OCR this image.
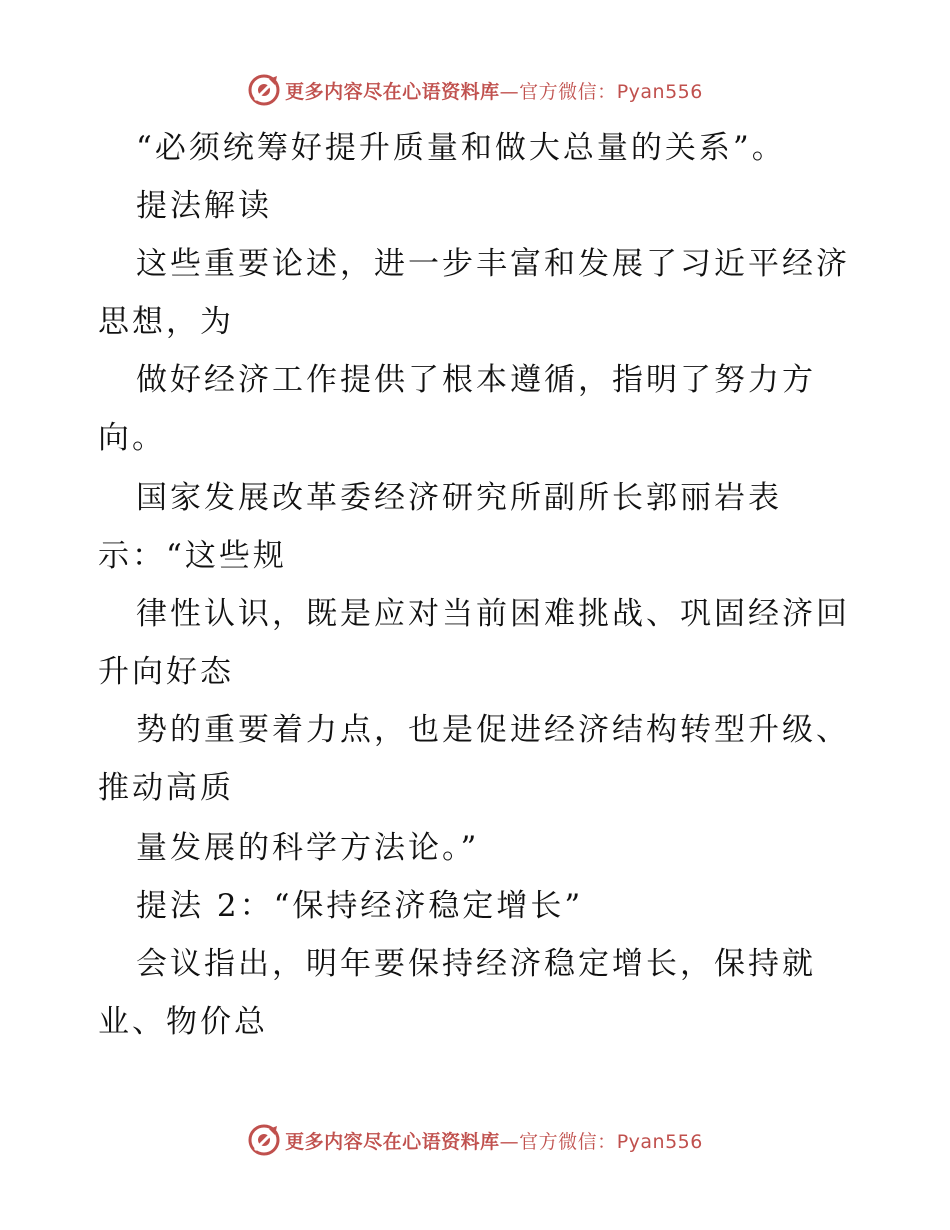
更多内容尽在心语资料库—官方微信：Pyan556
“必须统筹好提升质量和做大总量的关系”。
提法解读
这些重要论述，进一步丰富和发展了习近平经济
思想，为
做好经济工作提供了根本遵循，指明了努力方
向。
国家发展改革委经济研究所副所长郭丽岩表
示：“这些规
律性认识，既是应对当前困难挑战、巩固经济回
升向好态
势的重要着力点，也是促进经济结构转型升级、
推动高质
量发展的科学方法论。”
提法 2：“保持经济稳定增长”
会议指出，明年要保持经济稳定增长，保持就
业、物价总
更多内容尽在心语资料库—官方微信：Pyan556
